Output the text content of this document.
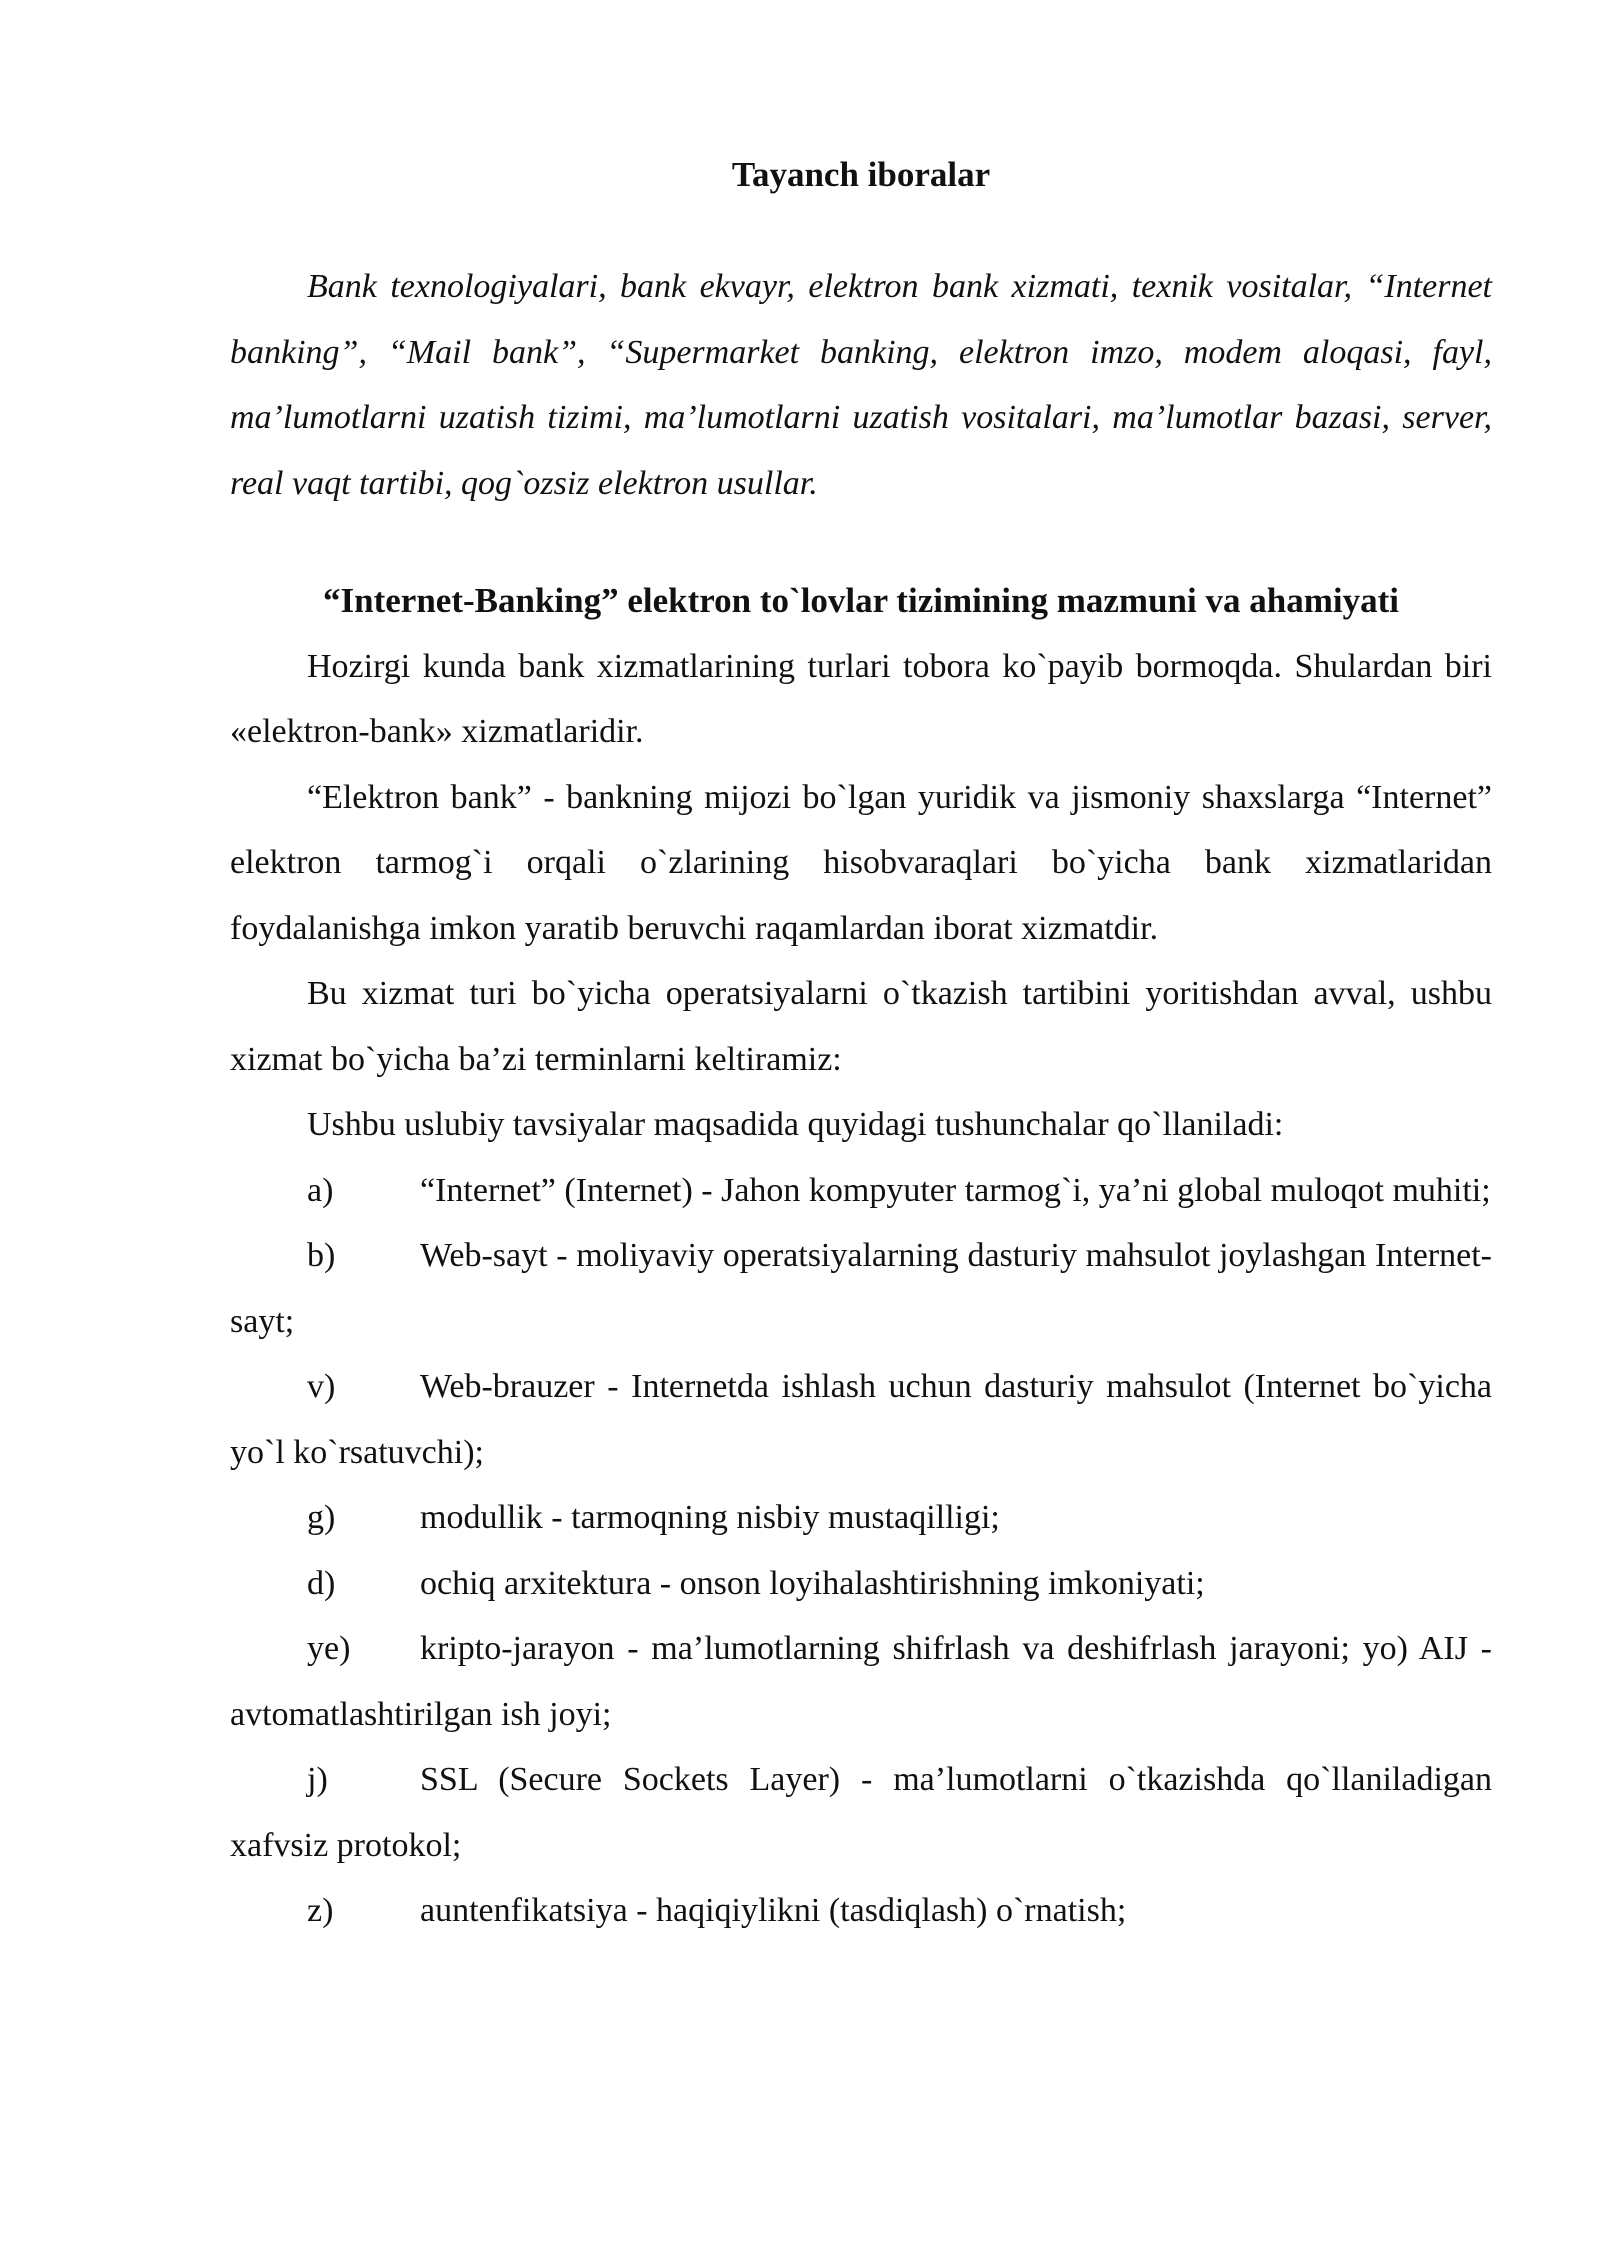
Tayanch iboralar

Bank texnologiyalari, bank ekvayr, elektron bank xizmati, texnik vositalar, “Internet banking”, “Mail bank”, “Supermarket banking, elektron imzo, modem aloqasi, fayl, ma’lumotlarni uzatish tizimi, ma’lumotlarni uzatish vositalari, ma’lumotlar bazasi, server, real vaqt tartibi, qog`ozsiz elektron usullar.

“Internet-Banking” elektron to`lovlar tizimining mazmuni va ahamiyati

Hozirgi kunda bank xizmatlarining turlari tobora ko`payib bormoqda. Shulardan biri «elektron-bank» xizmatlaridir.

“Elektron bank” - bankning mijozi bo`lgan yuridik va jismoniy shaxslarga “Internet” elektron tarmog`i orqali o`zlarining hisobvaraqlari bo`yicha bank xizmatlaridan foydalanishga imkon yaratib beruvchi raqamlardan iborat xizmatdir.

Bu xizmat turi bo`yicha operatsiyalarni o`tkazish tartibini yoritishdan avval, ushbu xizmat bo`yicha ba’zi terminlarni keltiramiz:

Ushbu uslubiy tavsiyalar maqsadida quyidagi tushunchalar qo`llaniladi:

a)	“Internet” (Internet) - Jahon kompyuter tarmog`i, ya’ni global muloqot muhiti;

b) Web-sayt - moliyaviy operatsiyalarning dasturiy mahsulot joylashgan Internet-sayt;

v) Web-brauzer - Internetda ishlash uchun dasturiy mahsulot (Internet bo`yicha yo`l ko`rsatuvchi);

g) modullik - tarmoqning nisbiy mustaqilligi;

d) ochiq arxitektura - onson loyihalashtirishning imkoniyati;

ye) kripto-jarayon - ma’lumotlarning shifrlash va deshifrlash jarayoni; yo) AIJ - avtomatlashtirilgan ish joyi;

j)	SSL (Secure Sockets Layer) - ma’lumotlarni o`tkazishda qo`llaniladigan xafvsiz protokol;

z)	auntenfikatsiya - haqiqiylikni (tasdiqlash) o`rnatish;
